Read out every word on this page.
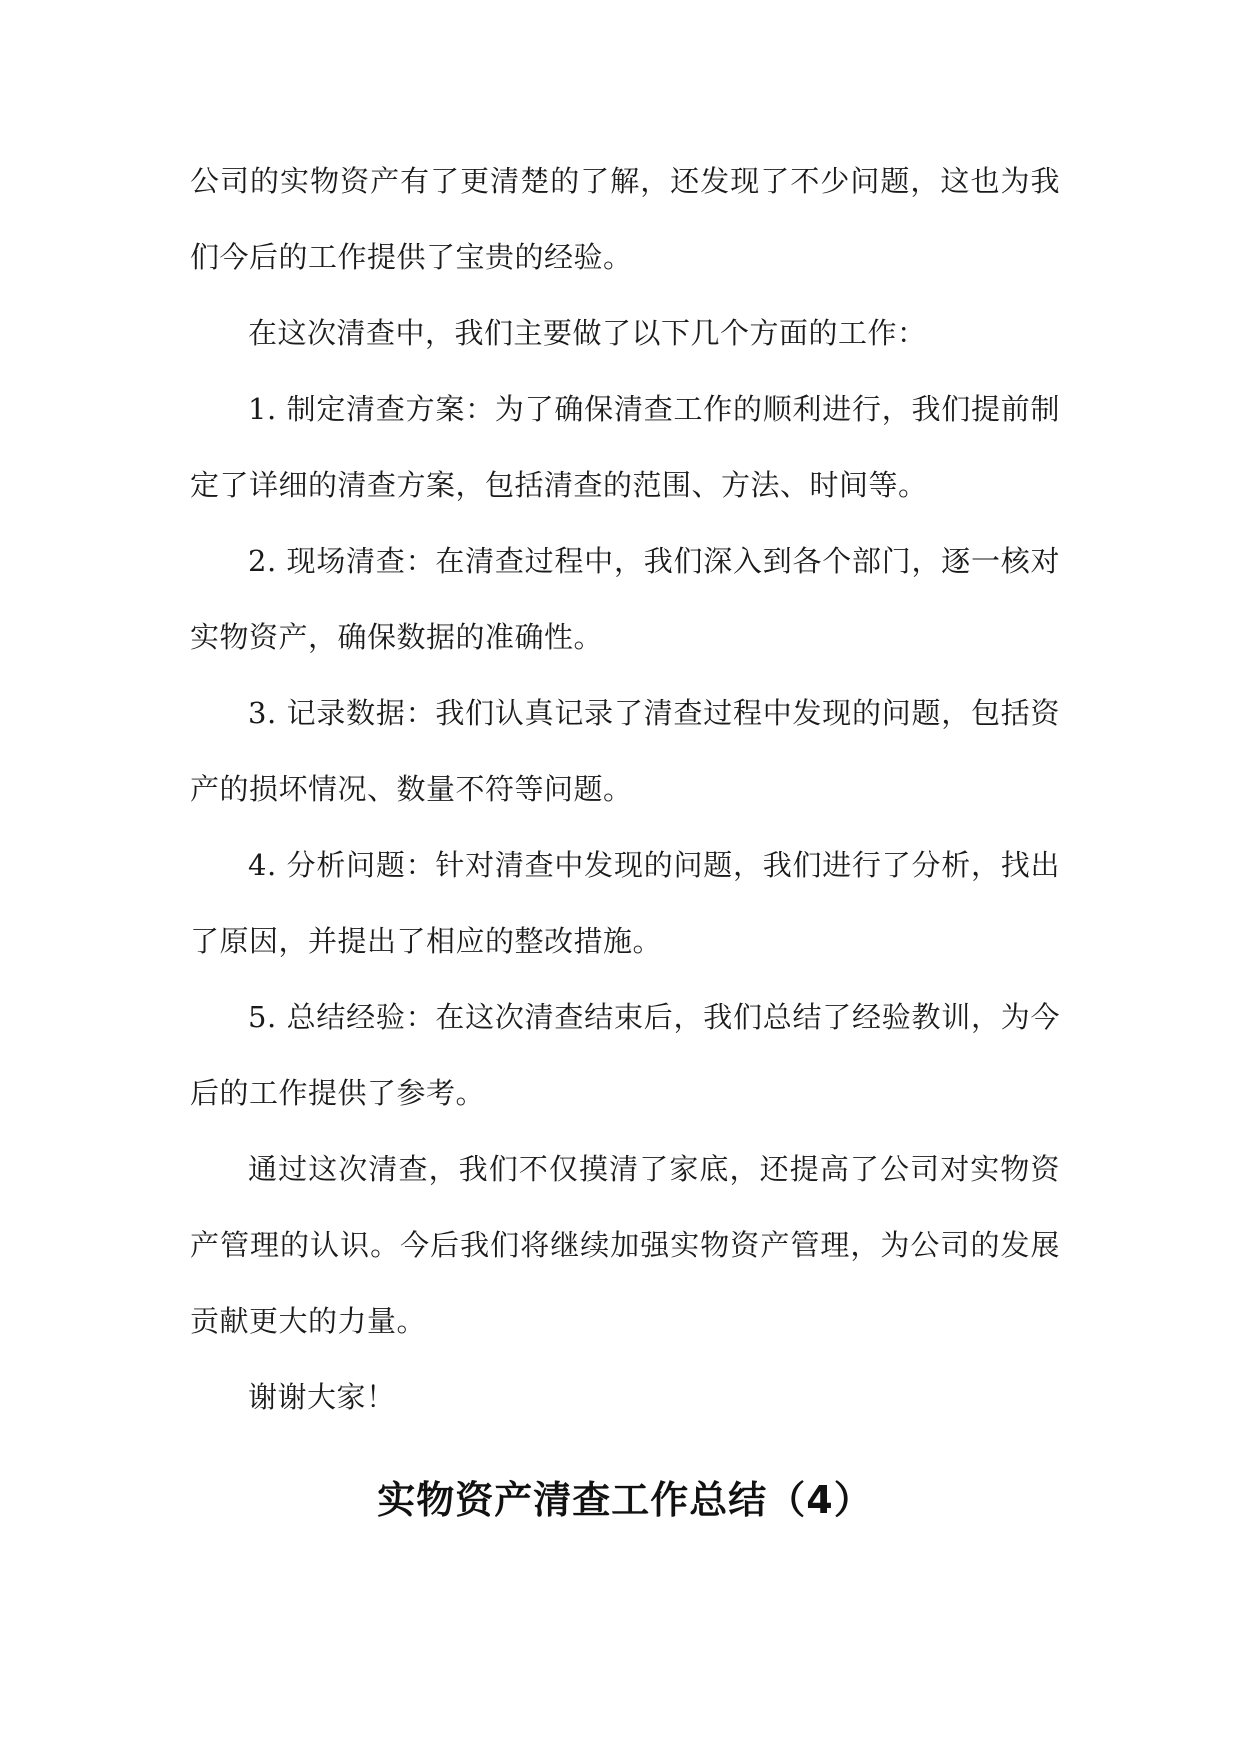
公司的实物资产有了更清楚的了解，还发现了不少问题，这也为我们今后的工作提供了宝贵的经验。

在这次清查中，我们主要做了以下几个方面的工作：

1. 制定清查方案：为了确保清查工作的顺利进行，我们提前制定了详细的清查方案，包括清查的范围、方法、时间等。

2. 现场清查：在清查过程中，我们深入到各个部门，逐一核对实物资产，确保数据的准确性。

3. 记录数据：我们认真记录了清查过程中发现的问题，包括资产的损坏情况、数量不符等问题。

4. 分析问题：针对清查中发现的问题，我们进行了分析，找出了原因，并提出了相应的整改措施。

5. 总结经验：在这次清查结束后，我们总结了经验教训，为今后的工作提供了参考。

通过这次清查，我们不仅摸清了家底，还提高了公司对实物资产管理的认识。今后我们将继续加强实物资产管理，为公司的发展贡献更大的力量。

谢谢大家！

实物资产清查工作总结（4）
